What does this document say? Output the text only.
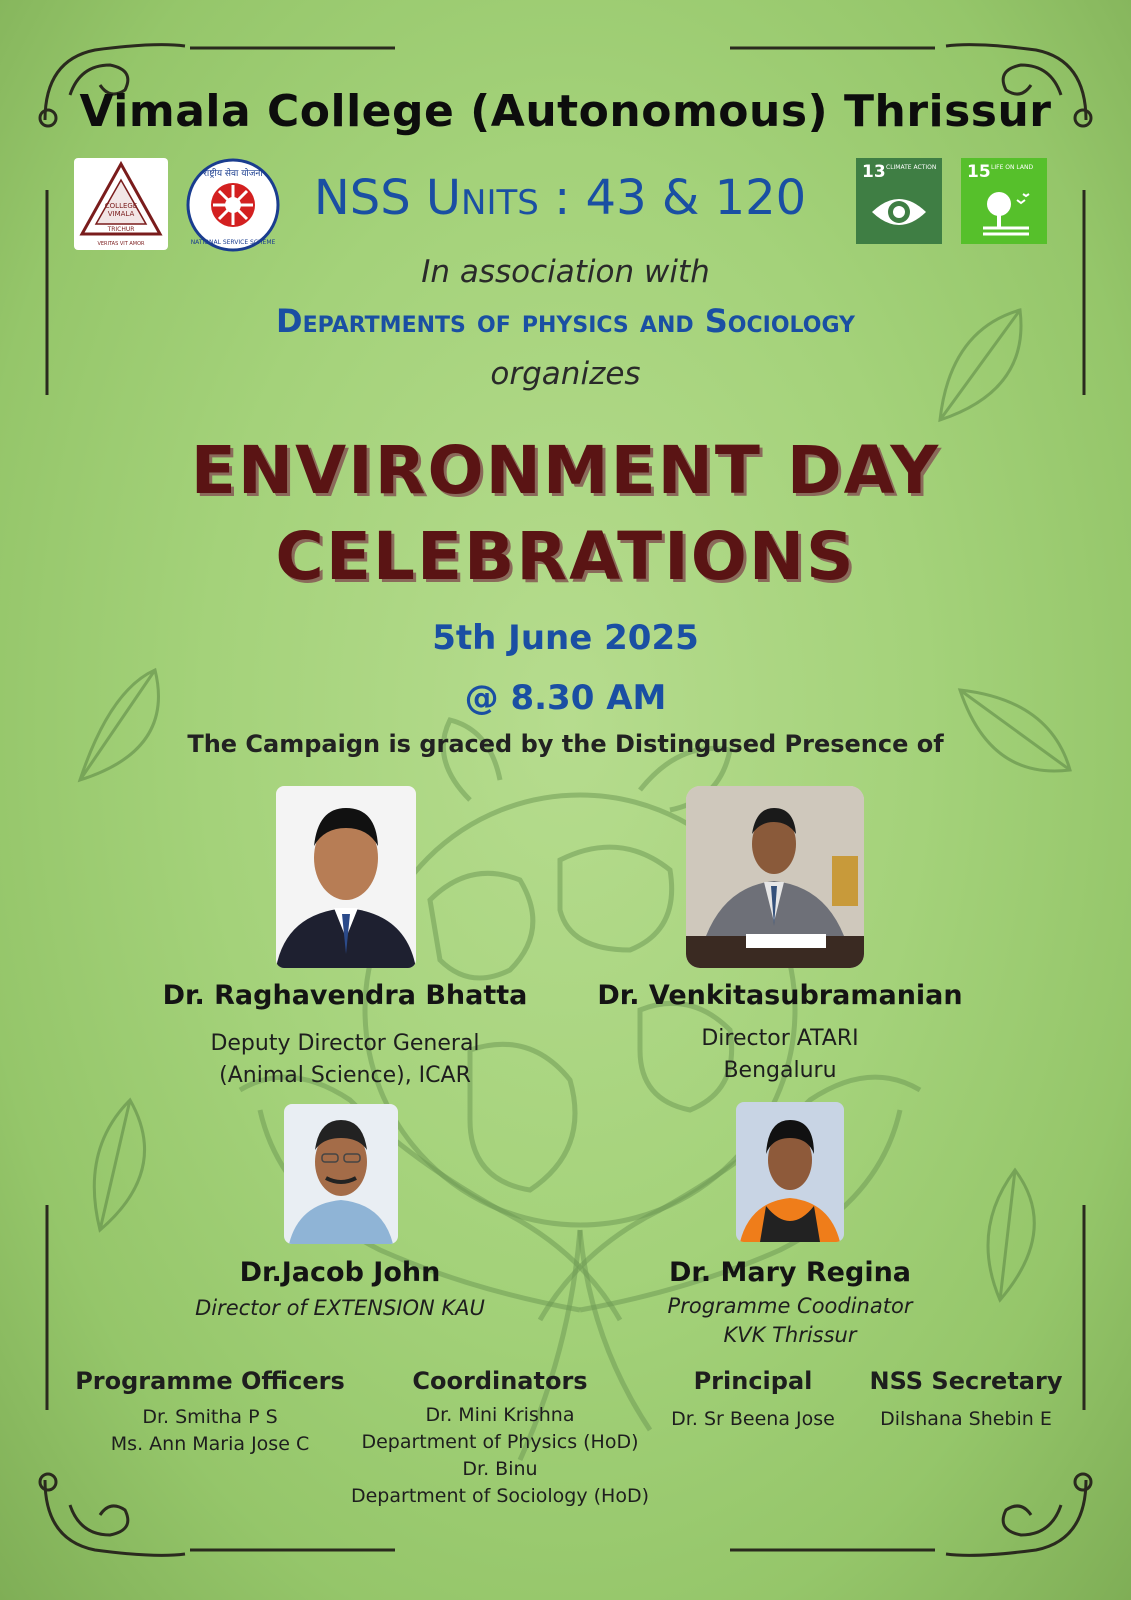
Vimala College (Autonomous) Thrissur
VIMALA
COLLEGE
TRICHUR
VERITAS VIT AMOR
राष्ट्रीय सेवा योजना
NATIONAL SERVICE SCHEME
NSS Units : 43 & 120	13 CLIMATE ACTION 15 LIFE ON LAND
In association with
Departments of physics and Sociology
organizes
ENVIRONMENT DAY
CELEBRATIONS
5th June 2025
@ 8.30 AM
The Campaign is graced by the Distingused Presence of
Dr. Raghavendra Bhatta
Deputy Director General
(Animal Science), ICAR
Dr. Venkitasubramanian
Director ATARI
Bengaluru
Dr.Jacob John
Director of EXTENSION KAU
Dr. Mary Regina
Programme Coodinator
KVK Thrissur
Programme Officers
Dr. Smitha P S
Ms. Ann Maria Jose C
Coordinators
Dr. Mini Krishna
Department of Physics (HoD)
Dr. Binu
Department of Sociology (HoD)
Principal
Dr. Sr Beena Jose
NSS Secretary
Dilshana Shebin E
